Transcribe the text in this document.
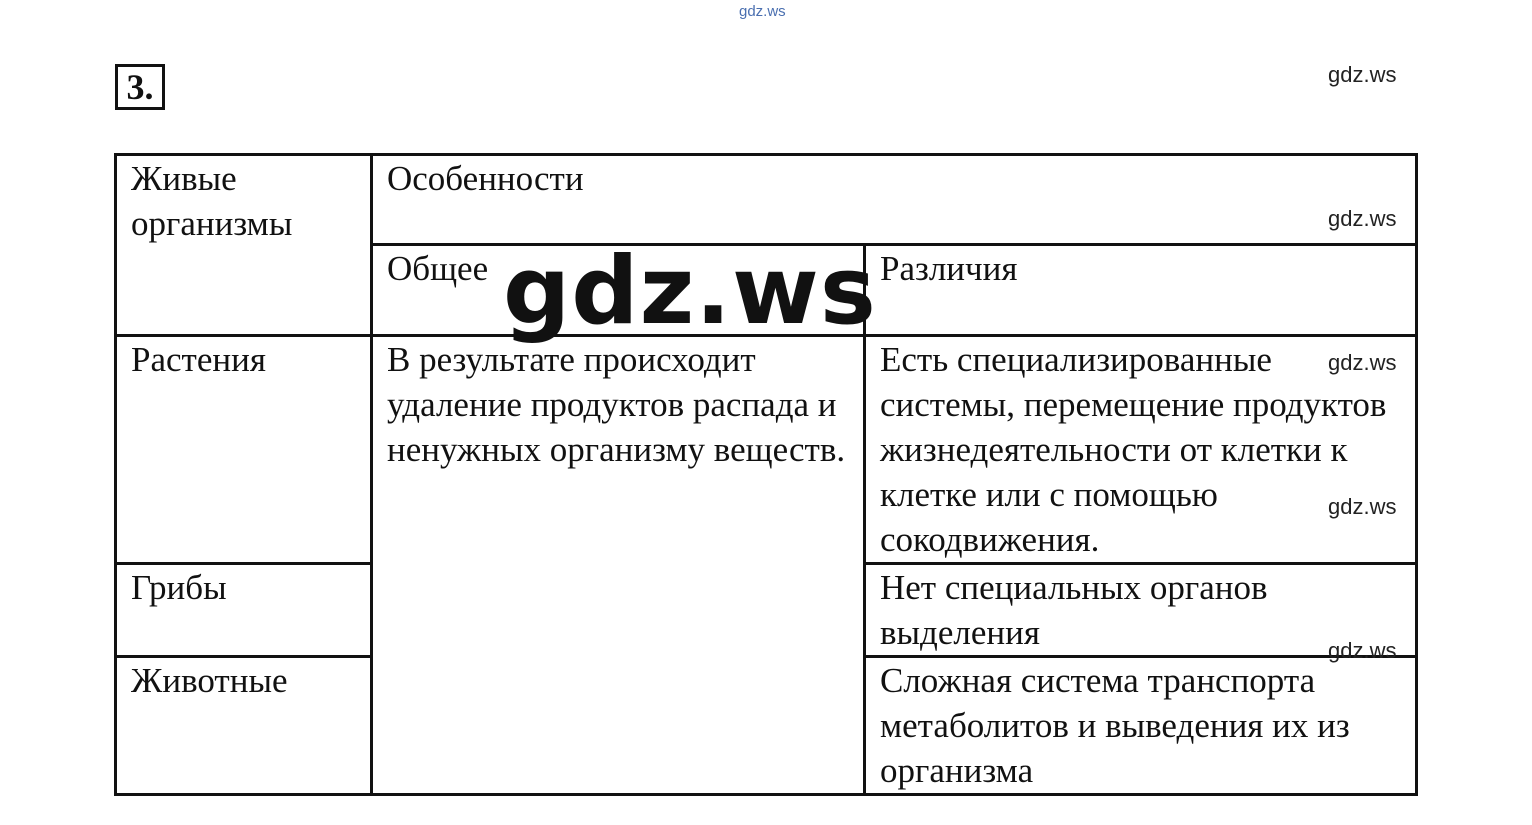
gdz.ws
3.	gdz.ws
gdz.ws
gdz.ws
gdz.ws
gdz.ws
gdz.ws
Живые организмы	Особенности	
	Общее	Различия
Растения	В результате происходит удаление продуктов распада и ненужных организму веществ.	Есть специализированные системы, перемещение продуктов жизнедеятельности от клетки к клетке или с помощью сокодвижения.
Грибы		Нет специальных органов выделения
Животные		Сложная система транспорта метаболитов и выведения их из организма
